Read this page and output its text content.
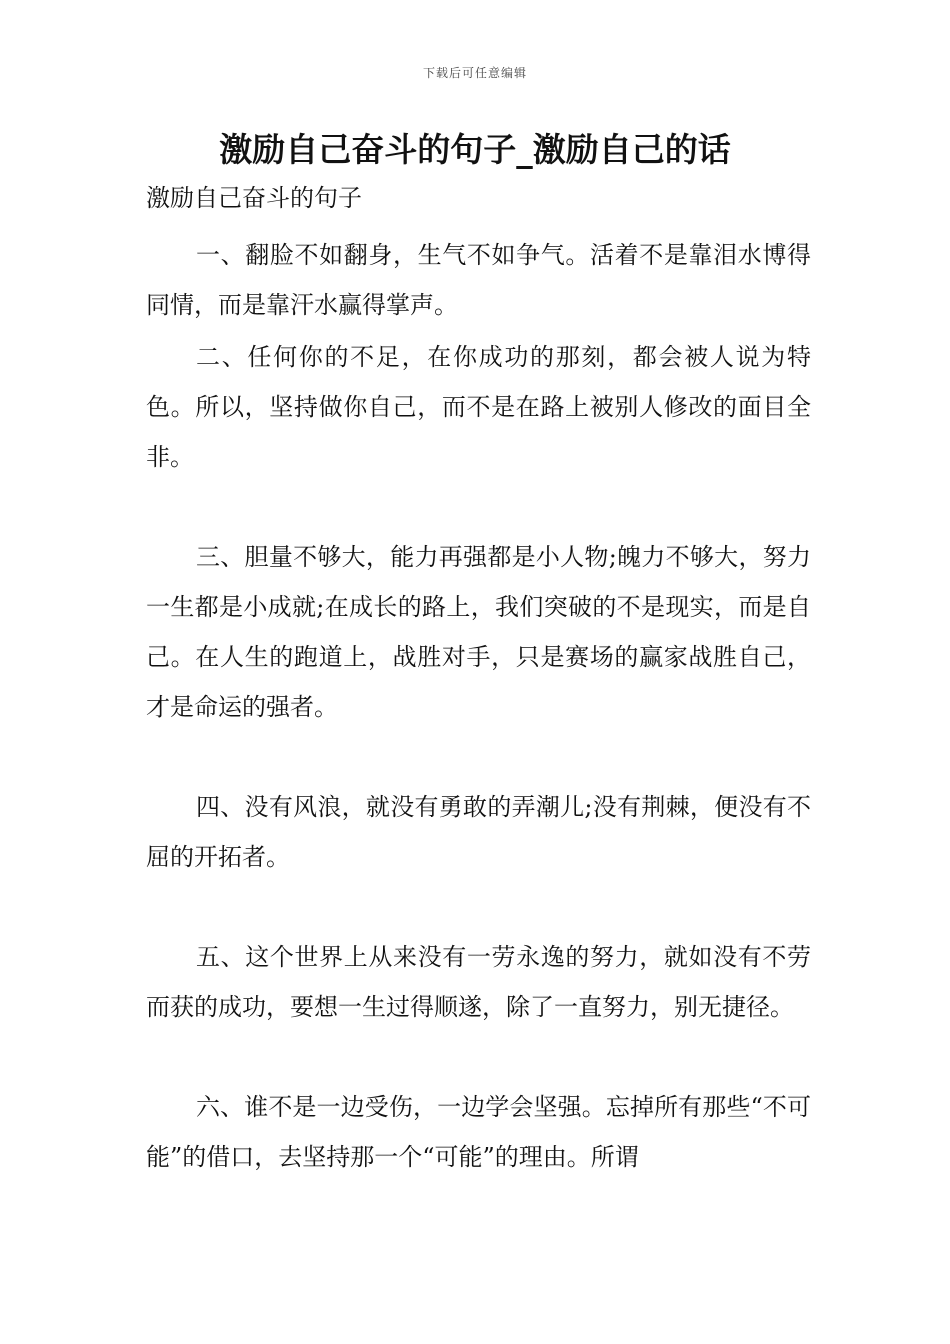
下载后可任意编辑
激励自己奋斗的句子_激励自己的话

激励自己奋斗的句子

一、翻脸不如翻身，生气不如争气。活着不是靠泪水博得同情，而是靠汗水赢得掌声。

二、任何你的不足，在你成功的那刻，都会被人说为特色。所以，坚持做你自己，而不是在路上被别人修改的面目全非。

三、胆量不够大，能力再强都是小人物;魄力不够大，努力一生都是小成就;在成长的路上，我们突破的不是现实，而是自己。在人生的跑道上，战胜对手，只是赛场的赢家战胜自己，才是命运的强者。

四、没有风浪，就没有勇敢的弄潮儿;没有荆棘，便没有不屈的开拓者。

五、这个世界上从来没有一劳永逸的努力，就如没有不劳而获的成功，要想一生过得顺遂，除了一直努力，别无捷径。

六、谁不是一边受伤，一边学会坚强。忘掉所有那些“不可能”的借口，去坚持那一个“可能”的理由。所谓
